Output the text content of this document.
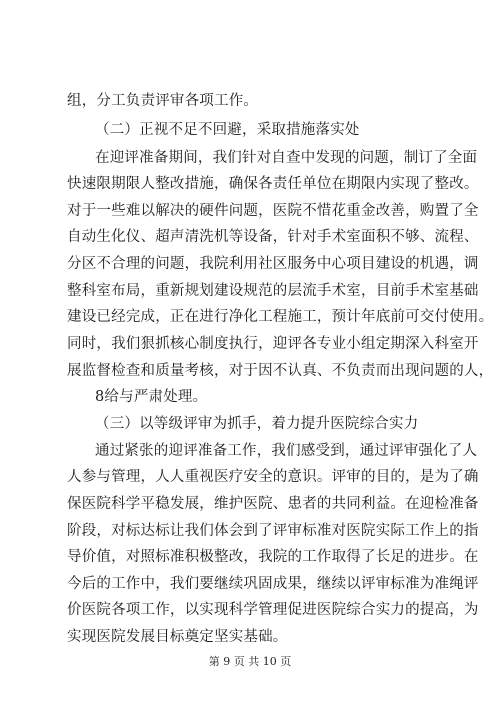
组，分工负责评审各项工作。
（二）正视不足不回避，采取措施落实处
在迎评准备期间，我们针对自查中发现的问题，制订了全面
快速限期限人整改措施，确保各责任单位在期限内实现了整改。
对于一些难以解决的硬件问题，医院不惜花重金改善，购置了全
自动生化仪、超声清洗机等设备，针对手术室面积不够、流程、
分区不合理的问题，我院利用社区服务中心项目建设的机遇，调
整科室布局，重新规划建设规范的层流手术室，目前手术室基础
建设已经完成，正在进行净化工程施工，预计年底前可交付使用。
同时，我们狠抓核心制度执行，迎评各专业小组定期深入科室开
展监督检查和质量考核，对于因不认真、不负责而出现问题的人，
8给与严肃处理。
（三）以等级评审为抓手，着力提升医院综合实力
通过紧张的迎评准备工作，我们感受到，通过评审强化了人
人参与管理，人人重视医疗安全的意识。评审的目的，是为了确
保医院科学平稳发展，维护医院、患者的共同利益。在迎检准备
阶段，对标达标让我们体会到了评审标准对医院实际工作上的指
导价值，对照标准积极整改，我院的工作取得了长足的进步。在
今后的工作中，我们要继续巩固成果，继续以评审标准为准绳评
价医院各项工作，以实现科学管理促进医院综合实力的提高，为
实现医院发展目标奠定坚实基础。
第 9 页 共 10 页
